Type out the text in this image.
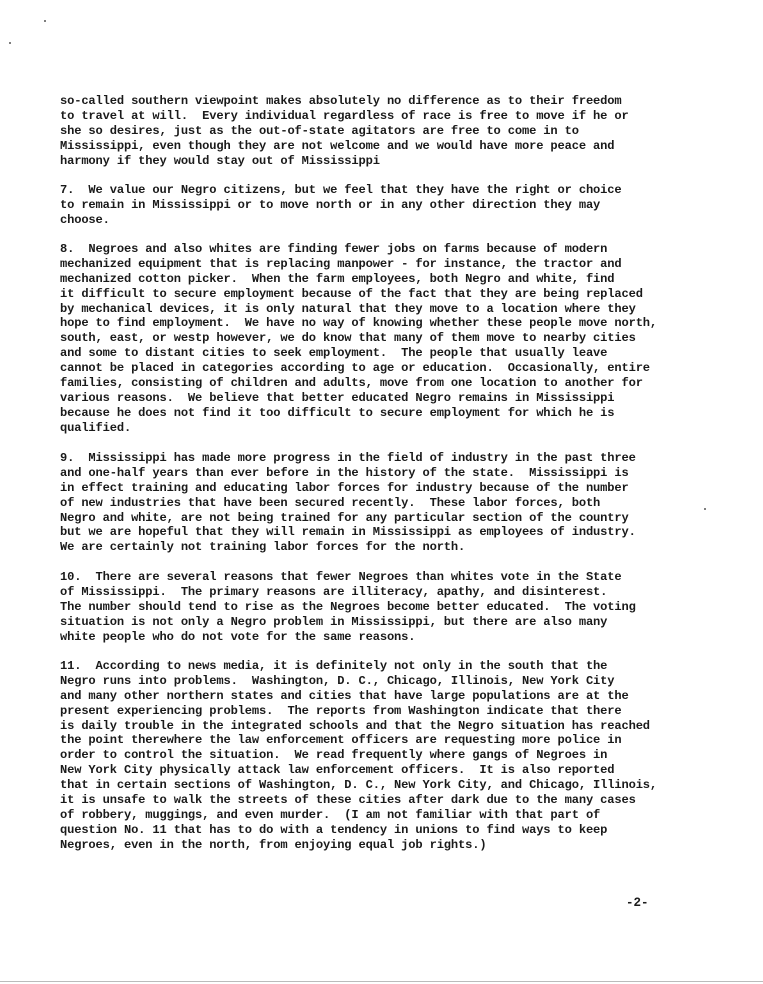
so-called southern viewpoint makes absolutely no difference as to their freedom
to travel at will.  Every individual regardless of race is free to move if he or
she so desires, just as the out-of-state agitators are free to come in to
Mississippi, even though they are not welcome and we would have more peace and
harmony if they would stay out of Mississippi
7.  We value our Negro citizens, but we feel that they have the right or choice
to remain in Mississippi or to move north or in any other direction they may
choose.
8.  Negroes and also whites are finding fewer jobs on farms because of modern
mechanized equipment that is replacing manpower - for instance, the tractor and
mechanized cotton picker.  When the farm employees, both Negro and white, find
it difficult to secure employment because of the fact that they are being replaced
by mechanical devices, it is only natural that they move to a location where they
hope to find employment.  We have no way of knowing whether these people move north,
south, east, or westp however, we do know that many of them move to nearby cities
and some to distant cities to seek employment.  The people that usually leave
cannot be placed in categories according to age or education.  Occasionally, entire
families, consisting of children and adults, move from one location to another for
various reasons.  We believe that better educated Negro remains in Mississippi
because he does not find it too difficult to secure employment for which he is
qualified.
9.  Mississippi has made more progress in the field of industry in the past three
and one-half years than ever before in the history of the state.  Mississippi is
in effect training and educating labor forces for industry because of the number
of new industries that have been secured recently.  These labor forces, both
Negro and white, are not being trained for any particular section of the country
but we are hopeful that they will remain in Mississippi as employees of industry.
We are certainly not training labor forces for the north.
10.  There are several reasons that fewer Negroes than whites vote in the State
of Mississippi.  The primary reasons are illiteracy, apathy, and disinterest.
The number should tend to rise as the Negroes become better educated.  The voting
situation is not only a Negro problem in Mississippi, but there are also many
white people who do not vote for the same reasons.
11.  According to news media, it is definitely not only in the south that the
Negro runs into problems.  Washington, D. C., Chicago, Illinois, New York City
and many other northern states and cities that have large populations are at the
present experiencing problems.  The reports from Washington indicate that there
is daily trouble in the integrated schools and that the Negro situation has reached
the point therewhere the law enforcement officers are requesting more police in
order to control the situation.  We read frequently where gangs of Negroes in
New York City physically attack law enforcement officers.  It is also reported
that in certain sections of Washington, D. C., New York City, and Chicago, Illinois,
it is unsafe to walk the streets of these cities after dark due to the many cases
of robbery, muggings, and even murder.  (I am not familiar with that part of
question No. 11 that has to do with a tendency in unions to find ways to keep
Negroes, even in the north, from enjoying equal job rights.)
-2-
